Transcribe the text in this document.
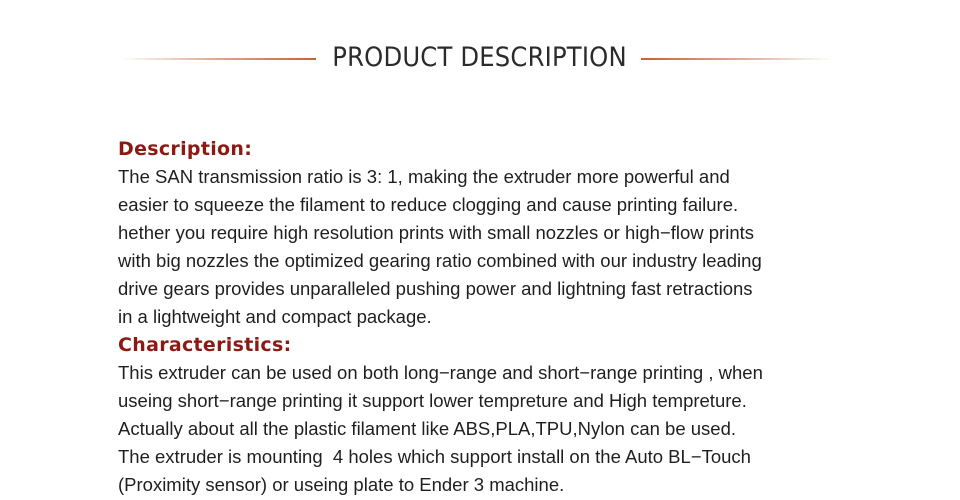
PRODUCT DESCRIPTION
Description:
The SAN transmission ratio is 3: 1, making the extruder more powerful and
easier to squeeze the filament to reduce clogging and cause printing failure.
hether you require high resolution prints with small nozzles or high−flow prints
with big nozzles the optimized gearing ratio combined with our industry leading
drive gears provides unparalleled pushing power and lightning fast retractions
in a lightweight and compact package.
Characteristics:
This extruder can be used on both long−range and short−range printing , when
useing short−range printing it support lower tempreture and High tempreture.
Actually about all the plastic filament like ABS,PLA,TPU,Nylon can be used.
The extruder is mounting  4 holes which support install on the Auto BL−Touch
(Proximity sensor) or useing plate to Ender 3 machine.
